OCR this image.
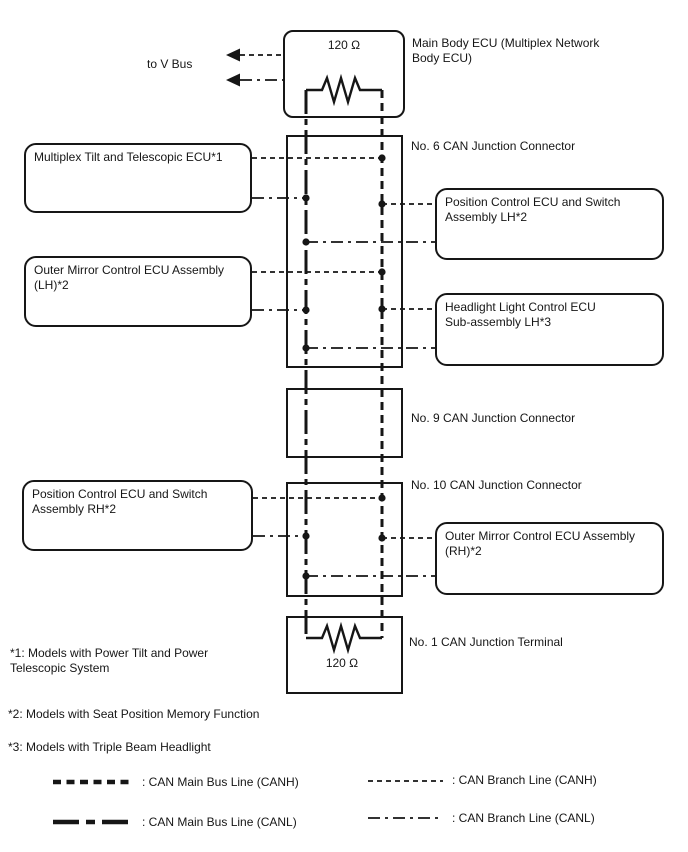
Multiplex Tilt and Telescopic ECU*1
Outer Mirror Control ECU Assembly (LH)*2
Position Control ECU and Switch Assembly LH*2
Headlight Light Control ECU Sub-assembly LH*3
Position Control ECU and Switch Assembly RH*2
Outer Mirror Control ECU Assembly (RH)*2
120 Ω	Main Body ECU (Multiplex Network Body ECU)
to V Bus
No. 6 CAN Junction Connector
No. 9 CAN Junction Connector
No. 10 CAN Junction Connector
No. 1 CAN Junction Terminal
120 Ω
*1: Models with Power Tilt and Power Telescopic System
*2: Models with Seat Position Memory Function
*3: Models with Triple Beam Headlight
: CAN Main Bus Line (CANH)
: CAN Main Bus Line (CANL)
: CAN Branch Line (CANH)
: CAN Branch Line (CANL)
